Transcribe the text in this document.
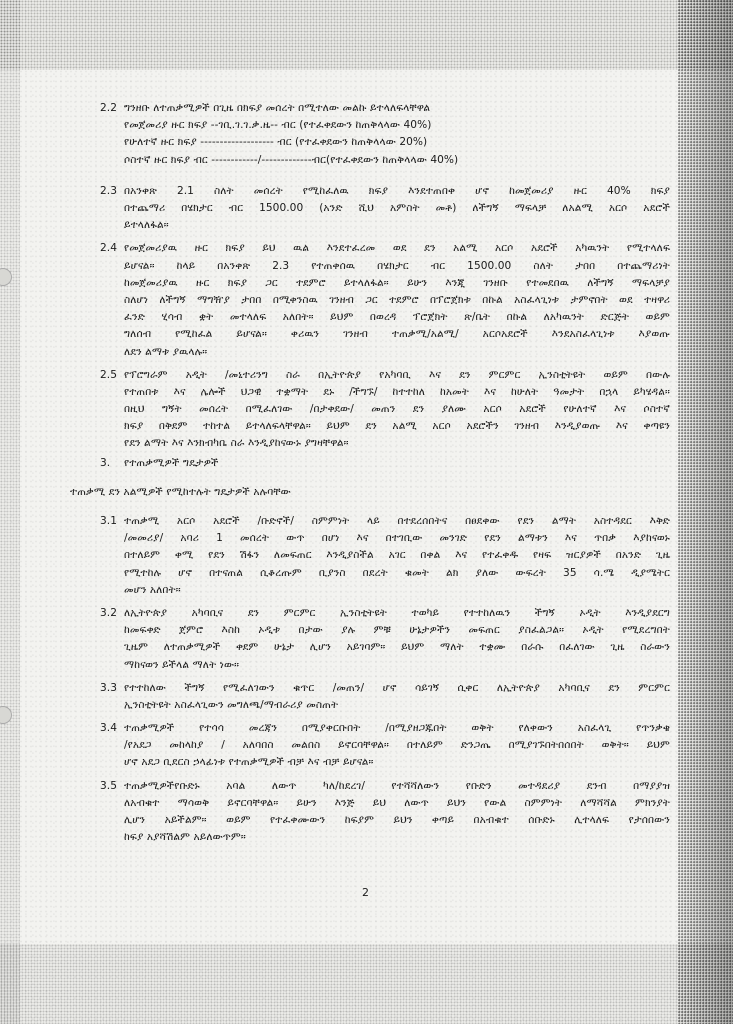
2.2 ግንዘቡ ለተጠቃሚዎች በጊዜ በክፍያ መሰረት በሚተለው መልኩ ይተላለፍላቸዋል
የመጀመሪያ ዙር ክፍያ --ገቢ.ገ.ገ.ቃ.ዜ-- ብር (የተፈቀደውን ከጠቅላላው 40%)
የሁለተኛ ዙር ክፍያ ------------------- ብር (የተፈቀደውን ከጠቅላላው 20%)
ሶስተኛ ዙር ክፍያ ብር ------------/-------------ብር(የተፈቀደውን ከጠቅላላው 40%)
2.3 በአንቀጽ 2.1 ስለት መሰረት የሚከፈለዉ ክፍያ እንደተጠበቀ ሆኖ ከመጀመሪያ ዙር 40% ክፍያ
በተጨማሪ በሄክታር ብር 1500.00 (አንድ ሺህ አምስት መቶ) ለችግኝ ማፍላቻ ለአልሚ አርሶ አደሮች
ይተላለፋል።
2.4 የመጀመሪያዉ ዙር ክፍያ ይህ ዉል እንደተፈረመ ወደ ደን አልሚ አርሶ አደሮች አካዉንት የሚተላለፍ
ይሆናል። ከላይ በአንቀጽ 2.3 የተጠቀሰዉ በሄክታር ብር 1500.00 ስለት ታበበ በተጨማሪነት
ከመጀመሪያዉ ዙር ክፍያ ጋር ተደምሮ ይተላለፋል። ይሁን እንጂ ገንዘቡ የተመደበዉ ለችግኝ ማፍላቻያ
ስለሆነ ለችግኝ ማግዥያ ታበበ በሚቀንስዉ ገንዘብ ጋር ተደምሮ በፕሮጀክቱ በኩል አስፈላጊነቱ ታምኖበት ወደ ተዛዋሪ
ፈንድ ሂሳብ ቋት መተላለፍ አለበት። ይህም በወረዳ ፕሮጀክት ጽ/ቤት በኩል ለአካዉንት ድርጅት ወይም
ግለሰብ የሚከፈል ይሆናል። ቀሪዉን ገንዘብ ተጠቃሚ/አልሚ/ አርሶአደሮች እንደአስፈላጊነቱ እያወጡ
ለደን ልማቱ ያዉላሉ።
2.5 የፕሮግራም አዲት /መኒተሪንግ ስራ በኢትዮጵያ የአካባቢ እና ደን ምርምር ኢንስቲትዩት ወይም በውሉ
የተጠበቱ እና ሌሎች ህጋዊ ተቋማት ደኑ /ችግኙ/ ከተተከለ ከአመት እና ከሁለት ዓመታት በኋላ ይካሄዳል።
በዚህ ግኝት መሰረት በሚፈለገው /በታቀደው/ መጠን ደን ያለሙ አርሶ አደሮች የሁለተኛ እና ሶስተኛ
ክፍያ በቅደም ተከተል ይተላለፍላቸዋል። ይህም ደን አልሚ አርሶ አደሮችን ገንዘብ እንዲያወጡ እና ቀጣዩን
የደን ልማት እና እንክብካቤ ስራ እንዲያከናውኑ ያግዛቸዋል።
3. የተጠቃሚዎች ግዴታዎች
ተጠቃሚ ደን አልሚዎች የሚከተሉት ግዴታዎች አሉባቸው
3.1 ተጠቃሚ አርሶ አደሮች /ቡድኖች/ ስምምነት ላይ በተደረሰበትና በፀደቀው የደን ልማት አስተዳደር እቅድ
/መመሪያ/ አባሪ 1 መሰረት ውጥ በሆነ እና በተገቢው መንገድ የደን ልማቱን እና ጥበቃ እያከናወኑ
በተለይም ቀሚ የደን ሽፋን ለመፍጠር እንዲያስችል አገር በቀል እና የተፈቀዱ የዛፍ ዝርያዎች በአንድ ጊዜ
የሚተከሉ ሆኖ በተናጠል ሲቆረጡም ቢያንስ በደረት ቁመት ልክ ያለው ውፍረት 35 ሳ.ሜ ዲያሜትር
መሆን አለበት።
3.2 ለኢትዮጵያ አካባቢና ደን ምርምር ኢንስቲትዩት ተወካይ የተተከለዉን ችግኝ ኦዲት እንዲያደርግ
ከመፍቀድ ጀምሮ እስከ ኦዲቱ በታው ያሉ ምቹ ሁኔታዎችን መፍጠር ያስፈልጋል። ኦዲት የሚደረግበት
ጊዜም ለተጠቃሚዎች ቀደም ሁኔታ ሊሆን አይገባም። ይህም ማለት ተቋሙ በራሱ በፈለገው ጊዜ ስራውን
ማከናወን ይችላል ማለት ነው።
3.3 የተተከለው ችግኝ የሚፈለገውን ቁጥር /መጠን/ ሆኖ ሳይገኝ ሲቀር ለኢትዮጵያ አካባቢና ደን ምርምር
ኢንስቲትዩት አስፈላጊውን መግለጫ/ማብራሪያ መስጠት
3.4 ተጠቃሚዎች የተሳሳ መረጃን በሚያቀርቡበት /በሚያዘጋጁበት ወቅት የለቀውን አስፈላጊ የጥንቃቄ
/የአደጋ መከላከያ / አለባበስ መልበስ ይኖርባቸዋል። በተለይም ድንጋጤ በሚያገኙበትበሰበት ወቅት። ይህም
ሆኖ አደጋ ቢደርስ ኃላፊነቱ የተጠቃሚዎች ብቻ እና ብቻ ይሆናል።
3.5 ተጠቃሚዎችየቡድኑ አባል ለውጥ ካለ/ከደረገ/ የተሻሻለውን የቡድን መተዳደሪያ ደንብ በማያያዝ
ለአብቁተ ማሳወቅ ይኖርባቸዋል። ይሁን እንጅ ይህ ለውጥ ይህን የውል ስምምነት ለማሻሻል ምክንያት
ሊሆን አይችልም። ወይም የተፈቀሙውን ከፍያም ይህን ቀጣይ በአብቁተ ሰቡድኑ ሊተላለፍ የታሰበውን
ከፍያ አያሻሽልም አይለውጥም።
2
